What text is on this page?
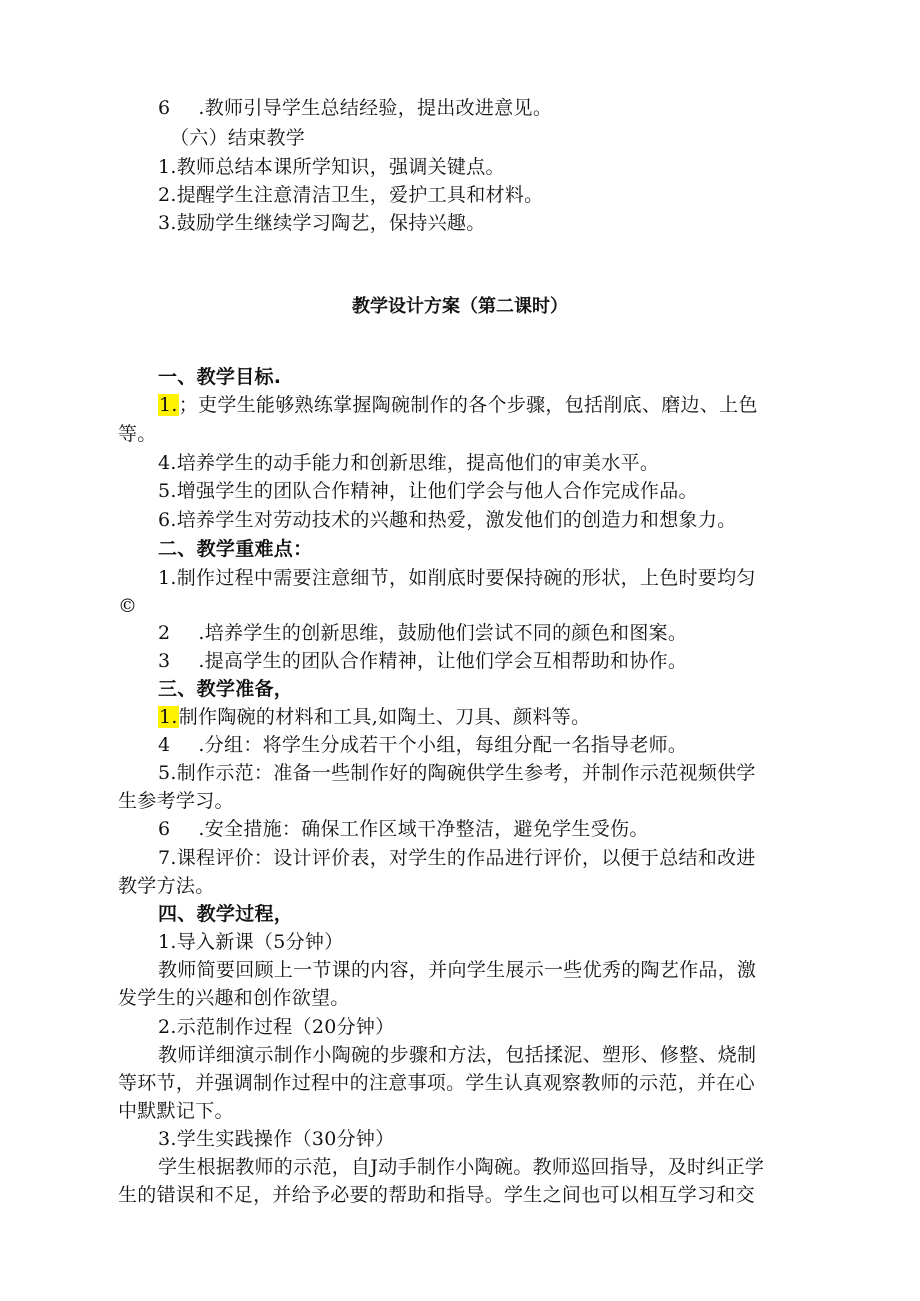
6 .教师引导学生总结经验，提出改进意见。
（六）结束教学
1.教师总结本课所学知识，强调关键点。
2.提醒学生注意清洁卫生，爱护工具和材料。
3.鼓励学生继续学习陶艺，保持兴趣。
教学设计方案（第二课时）
一、教学目标.
1.；吏学生能够熟练掌握陶碗制作的各个步骤，包括削底、磨边、上色
等。
4.培养学生的动手能力和创新思维，提高他们的审美水平。
5.增强学生的团队合作精神，让他们学会与他人合作完成作品。
6.培养学生对劳动技术的兴趣和热爱，激发他们的创造力和想象力。
二、教学重难点：
1.制作过程中需要注意细节，如削底时要保持碗的形状，上色时要均匀
©
2 .培养学生的创新思维，鼓励他们尝试不同的颜色和图案。
3 .提高学生的团队合作精神，让他们学会互相帮助和协作。
三、教学准备，
1.制作陶碗的材料和工具,如陶土、刀具、颜料等。
4 .分组：将学生分成若干个小组，每组分配一名指导老师。
5.制作示范：准备一些制作好的陶碗供学生参考，并制作示范视频供学
生参考学习。
6 .安全措施：确保工作区域干净整洁，避免学生受伤。
7.课程评价：设计评价表，对学生的作品进行评价，以便于总结和改进
教学方法。
四、教学过程，
1.导入新课（5分钟）
教师简要回顾上一节课的内容，并向学生展示一些优秀的陶艺作品，激
发学生的兴趣和创作欲望。
2.示范制作过程（20分钟）
教师详细演示制作小陶碗的步骤和方法，包括揉泥、塑形、修整、烧制
等环节，并强调制作过程中的注意事项。学生认真观察教师的示范，并在心
中默默记下。
3.学生实践操作（30分钟）
学生根据教师的示范，自J动手制作小陶碗。教师巡回指导，及时纠正学
生的错误和不足，并给予必要的帮助和指导。学生之间也可以相互学习和交
